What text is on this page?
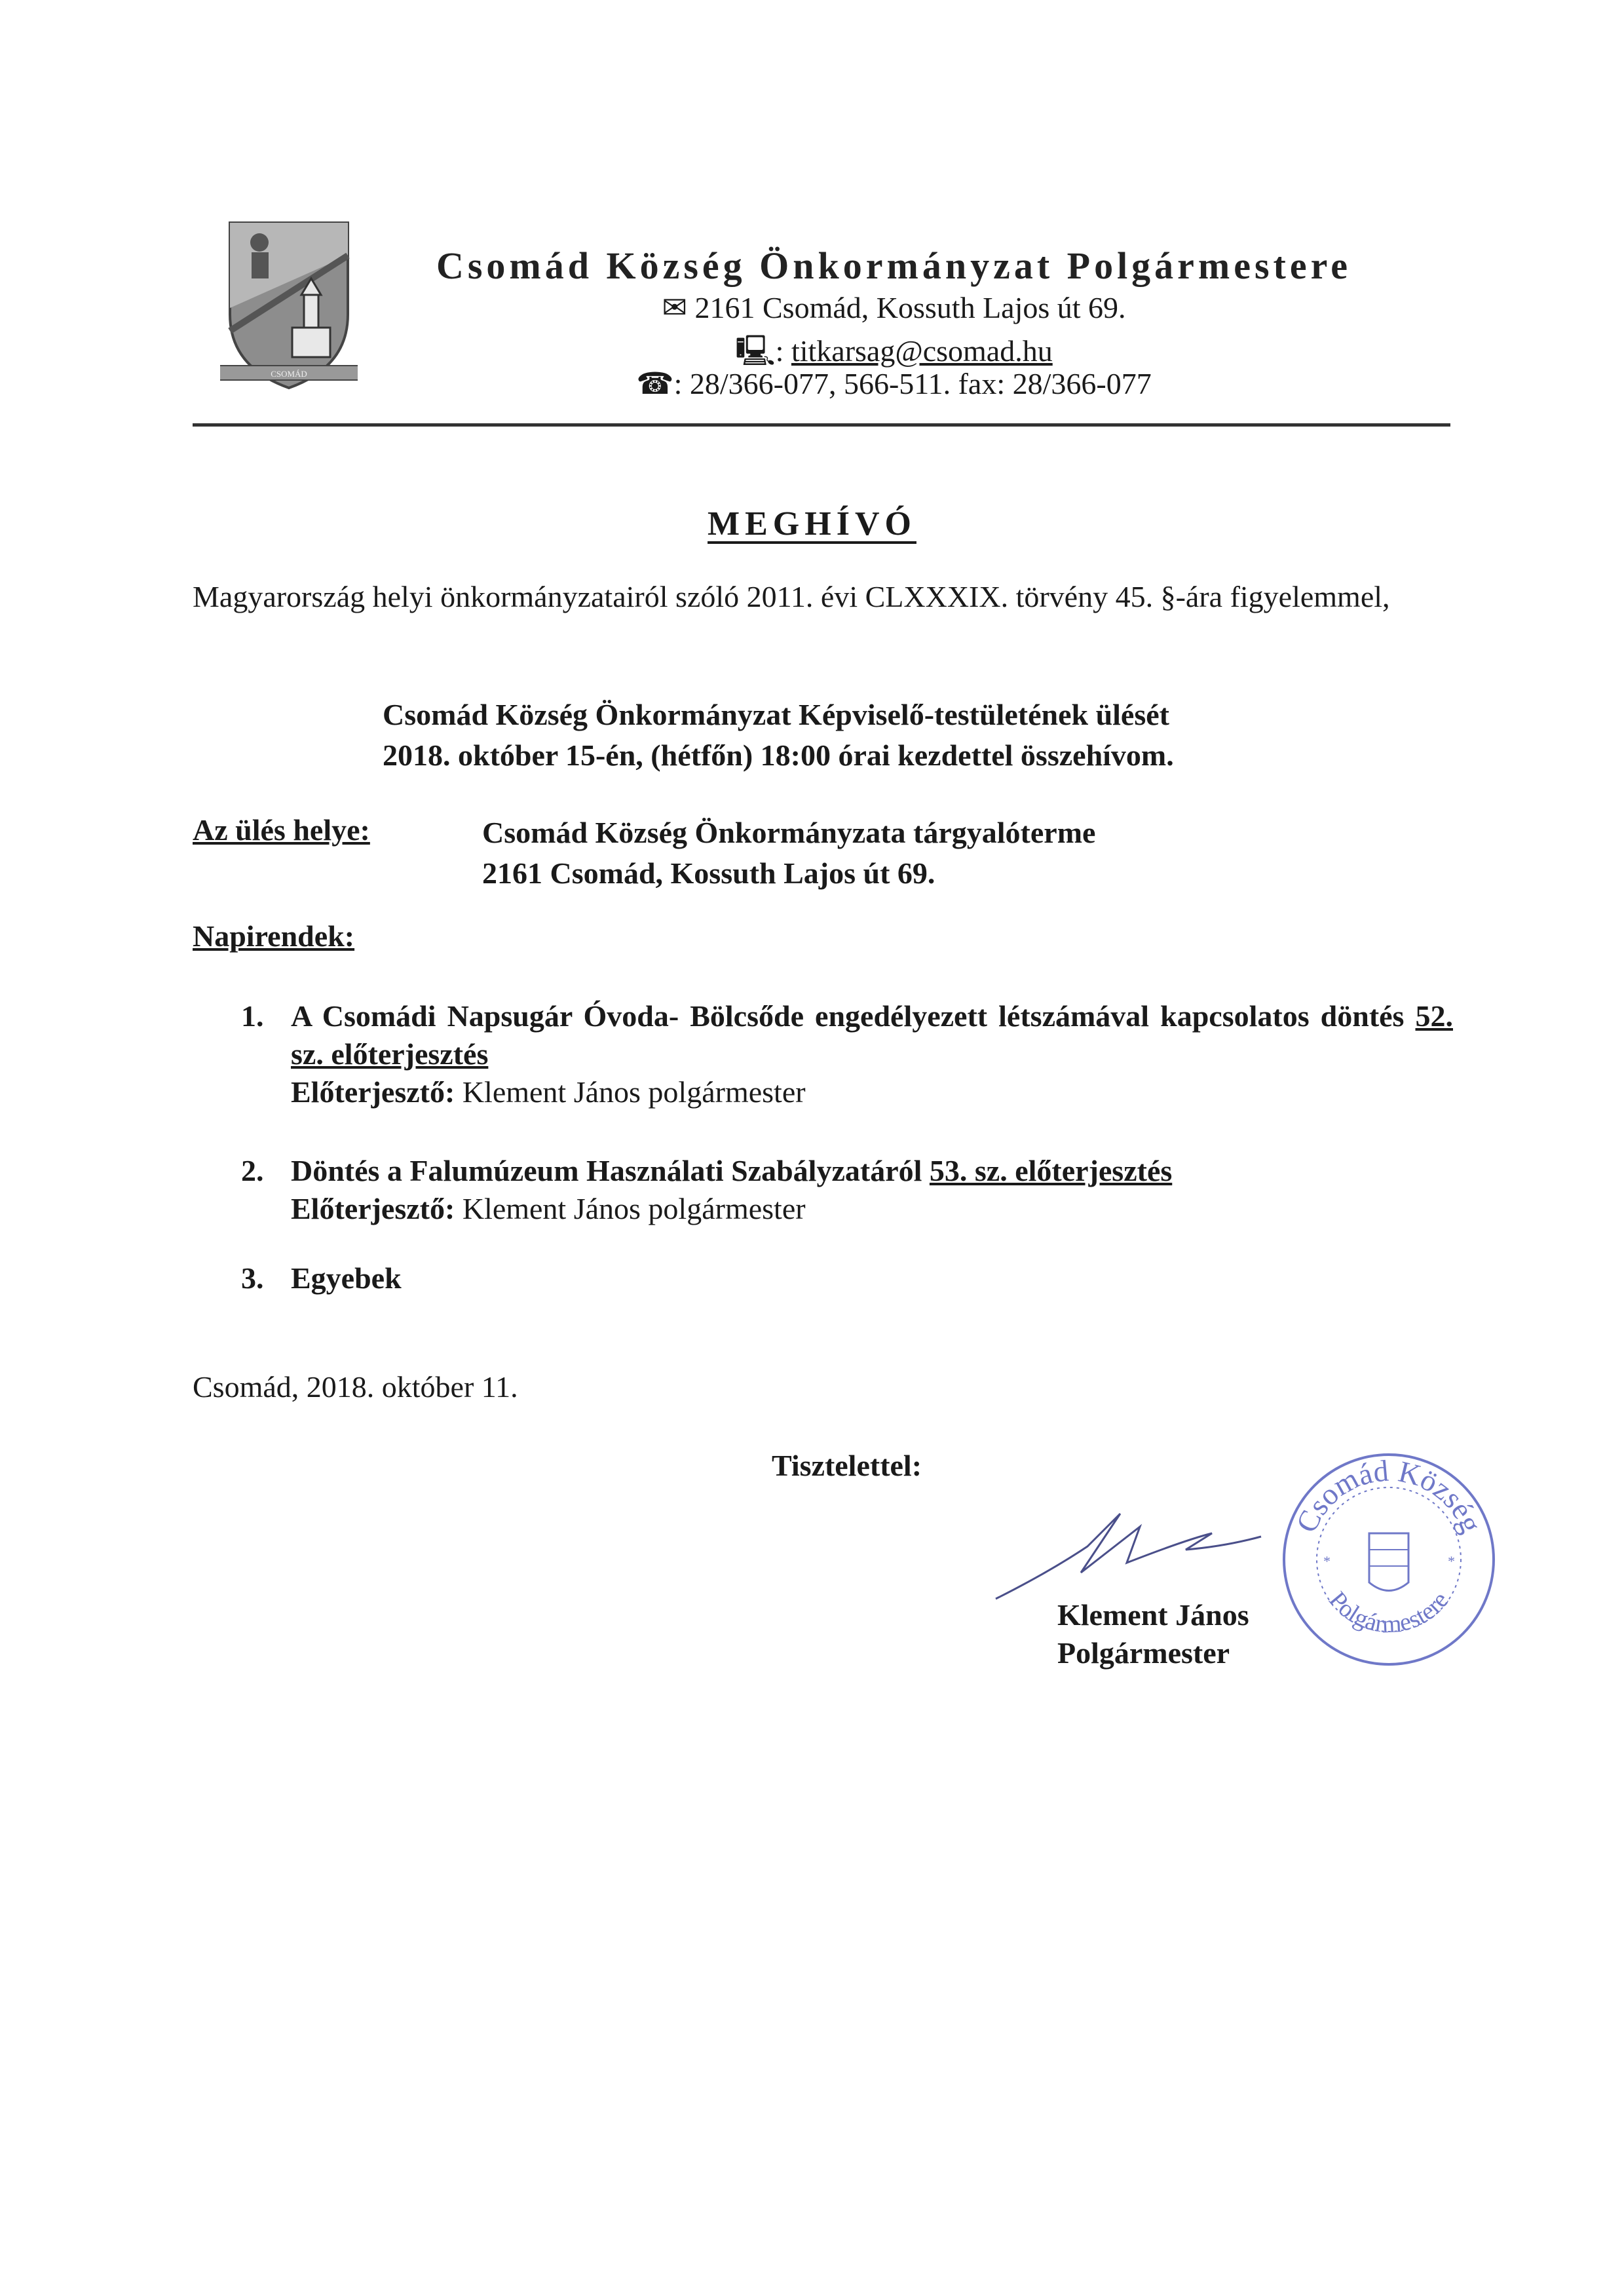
CSOMÁD
Csomád Község Önkormányzat Polgármestere
✉ 2161 Csomád, Kossuth Lajos út 69.
🖳: titkarsag@csomad.hu
☎: 28/366-077, 566-511. fax: 28/366-077
MEGHÍVÓ
Magyarország helyi önkormányzatairól szóló 2011. évi CLXXXIX. törvény 45. §-ára figyelemmel,
Csomád Község Önkormányzat Képviselő-testületének ülését
2018. október 15-én, (hétfőn) 18:00 órai kezdettel összehívom.
Az ülés helye:	Csomád Község Önkormányzata tárgyalóterme
2161 Csomád, Kossuth Lajos út 69.
Napirendek:
1. A Csomádi Napsugár Óvoda- Bölcsőde engedélyezett létszámával kapcsolatos döntés 52. sz. előterjesztés
Előterjesztő: Klement János polgármester
2. Döntés a Falumúzeum Használati Szabályzatáról 53. sz. előterjesztés
Előterjesztő: Klement János polgármester
3. Egyebek
Csomád, 2018. október 11.
Tisztelettel:
Csomád Község
Polgármestere
*	*
Klement János
Polgármester
